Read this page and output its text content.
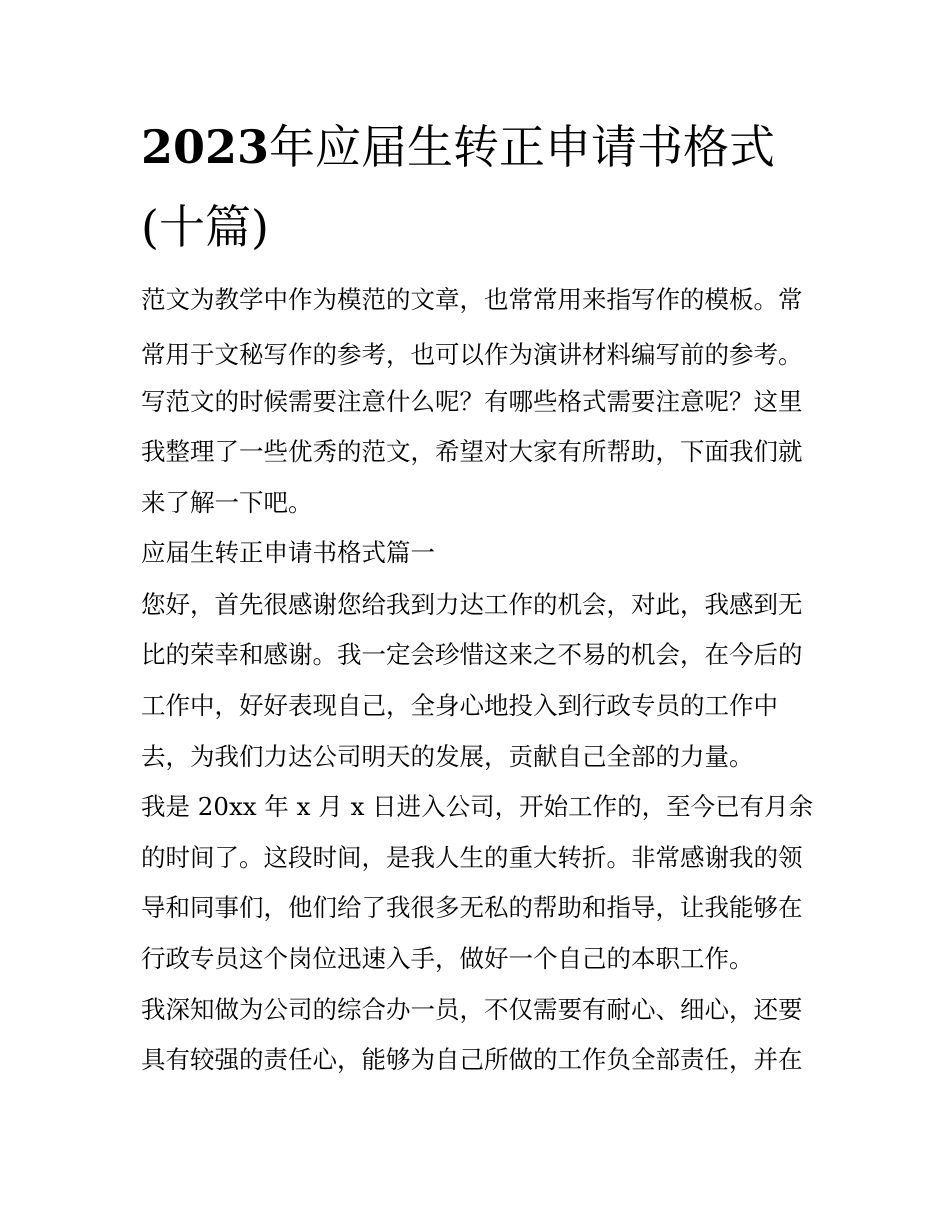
2023年应届生转正申请书格式
(十篇)
范文为教学中作为模范的文章，也常常用来指写作的模板。常
常用于文秘写作的参考，也可以作为演讲材料编写前的参考。
写范文的时候需要注意什么呢？有哪些格式需要注意呢？这里
我整理了一些优秀的范文，希望对大家有所帮助，下面我们就
来了解一下吧。
应届生转正申请书格式篇一
您好，首先很感谢您给我到力达工作的机会，对此，我感到无
比的荣幸和感谢。我一定会珍惜这来之不易的机会，在今后的
工作中，好好表现自己，全身心地投入到行政专员的工作中
去，为我们力达公司明天的发展，贡献自己全部的力量。
我是 20xx 年 x 月 x 日进入公司，开始工作的，至今已有月余
的时间了。这段时间，是我人生的重大转折。非常感谢我的领
导和同事们，他们给了我很多无私的帮助和指导，让我能够在
行政专员这个岗位迅速入手，做好一个自己的本职工作。
我深知做为公司的综合办一员，不仅需要有耐心、细心，还要
具有较强的责任心，能够为自己所做的工作负全部责任，并在
